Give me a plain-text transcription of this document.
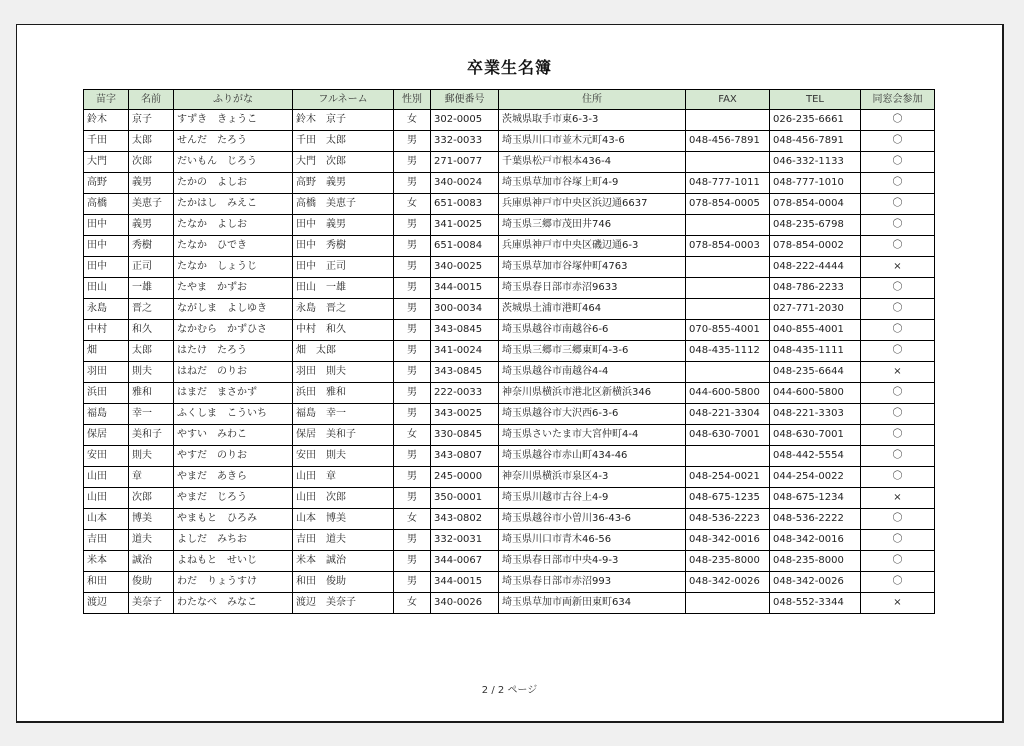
卒業生名簿
苗字	名前	ふりがな	フルネーム	性別	郵便番号	住所	FAX	TEL	同窓会参加
鈴木	京子	すずき　きょうこ	鈴木　京子	女	302-0005	茨城県取手市東6-3-3		026-235-6661	〇
千田	太郎	せんだ　たろう	千田　太郎	男	332-0033	埼玉県川口市並木元町43-6	048-456-7891	048-456-7891	〇
大門	次郎	だいもん　じろう	大門　次郎	男	271-0077	千葉県松戸市根本436-4		046-332-1133	〇
高野	義男	たかの　よしお	高野　義男	男	340-0024	埼玉県草加市谷塚上町4-9	048-777-1011	048-777-1010	〇
高橋	美恵子	たかはし　みえこ	高橋　美恵子	女	651-0083	兵庫県神戸市中央区浜辺通6637	078-854-0005	078-854-0004	〇
田中	義男	たなか　よしお	田中　義男	男	341-0025	埼玉県三郷市茂田井746		048-235-6798	〇
田中	秀樹	たなか　ひでき	田中　秀樹	男	651-0084	兵庫県神戸市中央区磯辺通6-3	078-854-0003	078-854-0002	〇
田中	正司	たなか　しょうじ	田中　正司	男	340-0025	埼玉県草加市谷塚仲町4763		048-222-4444	×
田山	一雄	たやま　かずお	田山　一雄	男	344-0015	埼玉県春日部市赤沼9633		048-786-2233	〇
永島	晋之	ながしま　よしゆき	永島　晋之	男	300-0034	茨城県土浦市港町464		027-771-2030	〇
中村	和久	なかむら　かずひさ	中村　和久	男	343-0845	埼玉県越谷市南越谷6-6	070-855-4001	040-855-4001	〇
畑	太郎	はたけ　たろう	畑　太郎	男	341-0024	埼玉県三郷市三郷東町4-3-6	048-435-1112	048-435-1111	〇
羽田	則夫	はねだ　のりお	羽田　則夫	男	343-0845	埼玉県越谷市南越谷4-4		048-235-6644	×
浜田	雅和	はまだ　まさかず	浜田　雅和	男	222-0033	神奈川県横浜市港北区新横浜346	044-600-5800	044-600-5800	〇
福島	幸一	ふくしま　こういち	福島　幸一	男	343-0025	埼玉県越谷市大沢西6-3-6	048-221-3304	048-221-3303	〇
保居	美和子	やすい　みわこ	保居　美和子	女	330-0845	埼玉県さいたま市大宮仲町4-4	048-630-7001	048-630-7001	〇
安田	則夫	やすだ　のりお	安田　則夫	男	343-0807	埼玉県越谷市赤山町434-46		048-442-5554	〇
山田	章	やまだ　あきら	山田　章	男	245-0000	神奈川県横浜市泉区4-3	048-254-0021	044-254-0022	〇
山田	次郎	やまだ　じろう	山田　次郎	男	350-0001	埼玉県川越市古谷上4-9	048-675-1235	048-675-1234	×
山本	博美	やまもと　ひろみ	山本　博美	女	343-0802	埼玉県越谷市小曽川36-43-6	048-536-2223	048-536-2222	〇
吉田	道夫	よしだ　みちお	吉田　道夫	男	332-0031	埼玉県川口市青木46-56	048-342-0016	048-342-0016	〇
米本	誠治	よねもと　せいじ	米本　誠治	男	344-0067	埼玉県春日部市中央4-9-3	048-235-8000	048-235-8000	〇
和田	俊助	わだ　りょうすけ	和田　俊助	男	344-0015	埼玉県春日部市赤沼993	048-342-0026	048-342-0026	〇
渡辺	美奈子	わたなべ　みなこ	渡辺　美奈子	女	340-0026	埼玉県草加市両新田東町634		048-552-3344	×
2 / 2 ページ
